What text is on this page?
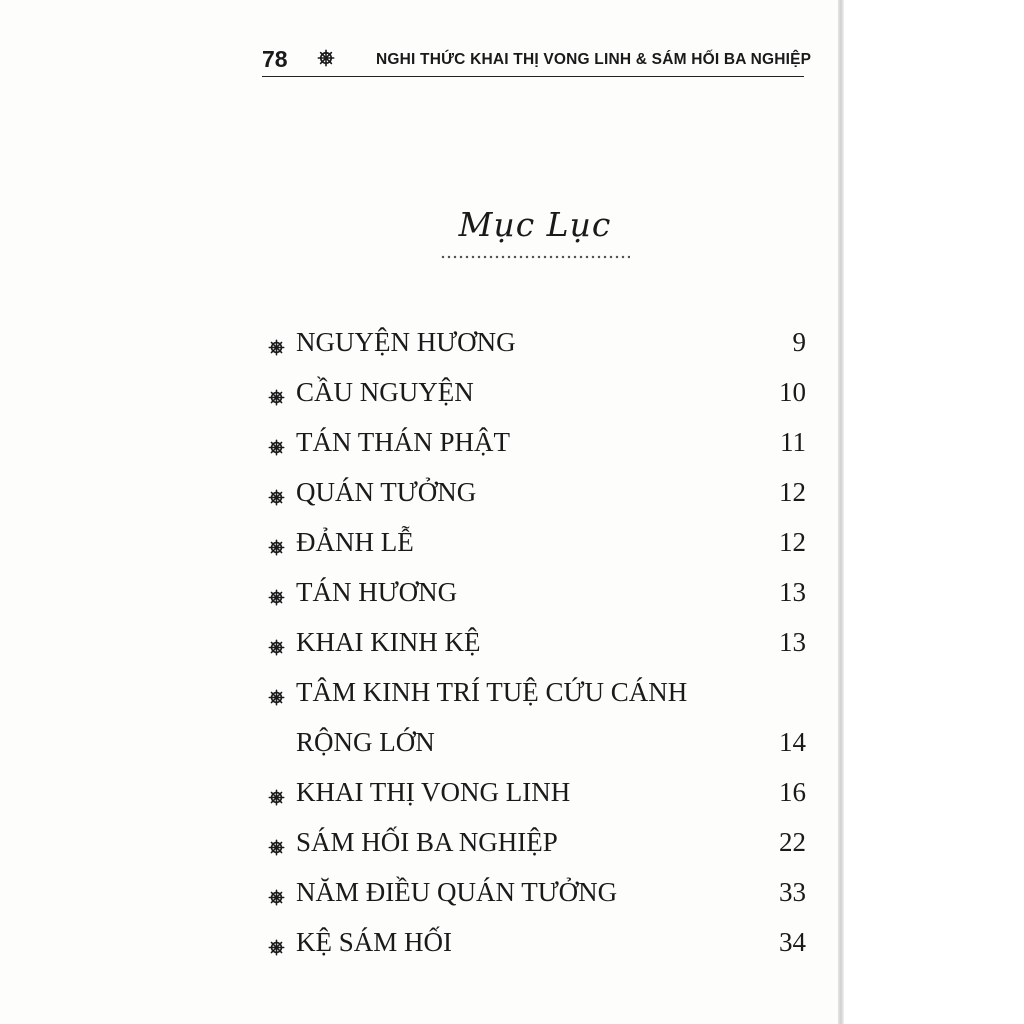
78	NGHI THỨC KHAI THỊ VONG LINH & SÁM HỐI BA NGHIỆP
Mục Lục
NGUYỆN HƯƠNG	9
CẦU NGUYỆN	10
TÁN THÁN PHẬT	11
QUÁN TƯỞNG	12
ĐẢNH LỄ	12
TÁN HƯƠNG	13
KHAI KINH KỆ	13
TÂM KINH TRÍ TUỆ CỨU CÁNH
RỘNG LỚN	14
KHAI THỊ VONG LINH	16
SÁM HỐI BA NGHIỆP	22
NĂM ĐIỀU QUÁN TƯỞNG	33
KỆ SÁM HỐI	34
